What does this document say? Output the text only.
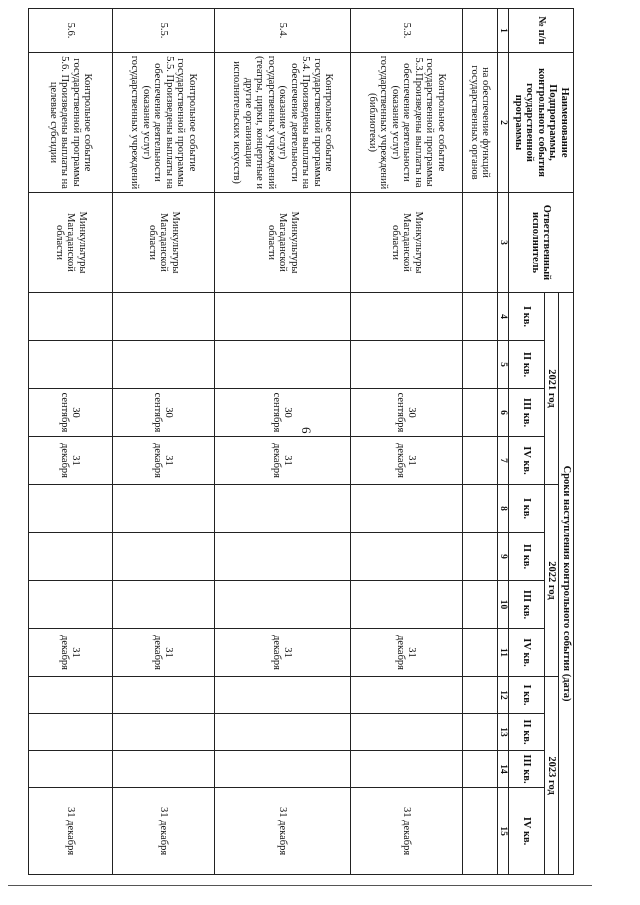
6
№ п/п	Наименование Подпрограммы, контрольного события государственной программы	Ответственный исполнитель	Сроки наступления контрольного события (дата)											
			2021 год				2022 год				2023 год			
			I кв.	II кв.	III кв.	IV кв.	I кв.	II кв.	III кв.	IV кв.	I кв.	II кв.	III кв.	IV кв.
1	2	3	4	5	6	7	8	9	10	11	12	13	14	15
	на обеспечение функций государственных органов													
5.3.	Контрольное событие государственной программы 5.3.Произведены выплаты на обеспечение деятельности (оказание услуг) государственных учреждений (библиотеки)	Минкультуры Магаданской области			30 сентября	31 декабря				31 декабря				31 декабря
5.4.	Контрольное событие государственной программы 5.4. Произведены выплаты на обеспечение деятельности (оказание услуг) государственных учреждений (театры, цирки, концертные и другие организации исполнительских искусств)	Минкультуры Магаданской области			30 сентября	31 декабря				31 декабря				31 декабря
5.5.	Контрольное событие государственной программы 5.5. Произведены выплаты на обеспечение деятельности (оказание услуг) государственных учреждений	Минкультуры Магаданской области			30 сентября	31 декабря				31 декабря				31 декабря
5.6.	Контрольное событие государственной программы 5.6. Произведены выплаты на целевые субсидии	Минкультуры Магаданской области			30 сентября	31 декабря				31 декабря				31 декабря
